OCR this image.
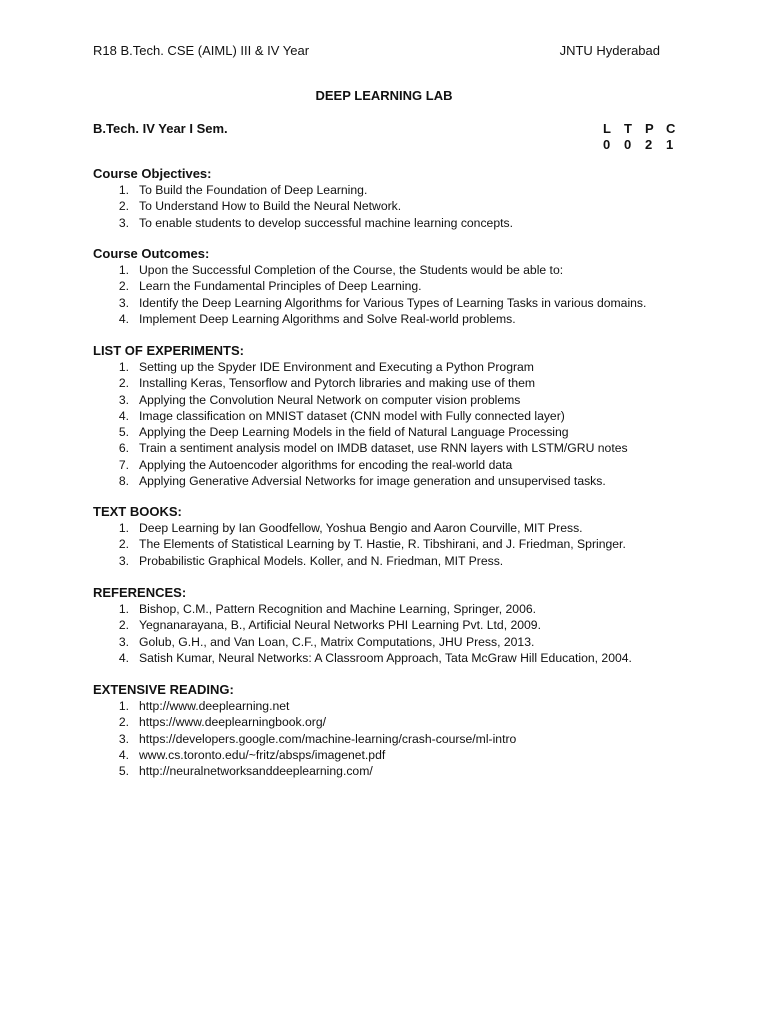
R18 B.Tech. CSE (AIML) III & IV Year	JNTU Hyderabad
DEEP LEARNING LAB
B.Tech. IV Year I Sem.	L T P C
0 0 2 1
Course Objectives:
1. To Build the Foundation of Deep Learning.
2. To Understand How to Build the Neural Network.
3. To enable students to develop successful machine learning concepts.
Course Outcomes:
1. Upon the Successful Completion of the Course, the Students would be able to:
2. Learn the Fundamental Principles of Deep Learning.
3. Identify the Deep Learning Algorithms for Various Types of Learning Tasks in various domains.
4. Implement Deep Learning Algorithms and Solve Real-world problems.
LIST OF EXPERIMENTS:
1. Setting up the Spyder IDE Environment and Executing a Python Program
2. Installing Keras, Tensorflow and Pytorch libraries and making use of them
3. Applying the Convolution Neural Network on computer vision problems
4. Image classification on MNIST dataset (CNN model with Fully connected layer)
5. Applying the Deep Learning Models in the field of Natural Language Processing
6. Train a sentiment analysis model on IMDB dataset, use RNN layers with LSTM/GRU notes
7. Applying the Autoencoder algorithms for encoding the real-world data
8. Applying Generative Adversial Networks for image generation and unsupervised tasks.
TEXT BOOKS:
1. Deep Learning by Ian Goodfellow, Yoshua Bengio and Aaron Courville, MIT Press.
2. The Elements of Statistical Learning by T. Hastie, R. Tibshirani, and J. Friedman, Springer.
3. Probabilistic Graphical Models. Koller, and N. Friedman, MIT Press.
REFERENCES:
1. Bishop, C.M., Pattern Recognition and Machine Learning, Springer, 2006.
2. Yegnanarayana, B., Artificial Neural Networks PHI Learning Pvt. Ltd, 2009.
3. Golub, G.H., and Van Loan, C.F., Matrix Computations, JHU Press, 2013.
4. Satish Kumar, Neural Networks: A Classroom Approach, Tata McGraw Hill Education, 2004.
EXTENSIVE READING:
1. http://www.deeplearning.net
2. https://www.deeplearningbook.org/
3. https://developers.google.com/machine-learning/crash-course/ml-intro
4. www.cs.toronto.edu/~fritz/absps/imagenet.pdf
5. http://neuralnetworksanddeeplearning.com/
